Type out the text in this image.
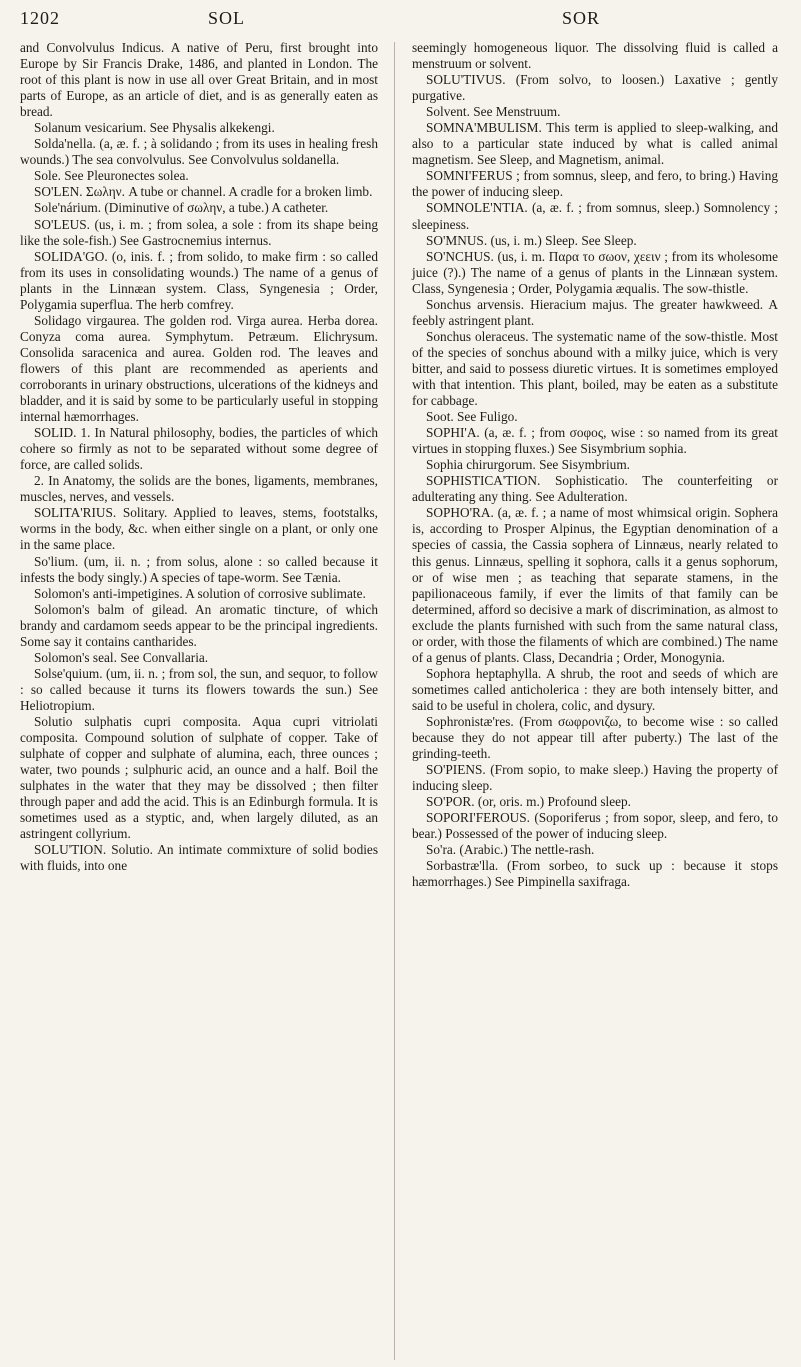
1202	SOL	SOR

and Convolvulus Indicus. A native of Peru, first brought into Europe by Sir Francis Drake, 1486, and planted in London. The root of this plant is now in use all over Great Britain, and in most parts of Europe, as an article of diet, and is as generally eaten as bread.

Solanum vesicarium. See Physalis alkekengi.

Solda'nella. (a, æ. f. ; à solidando ; from its uses in healing fresh wounds.) The sea convolvulus. See Convolvulus soldanella.

Sole. See Pleuronectes solea.

SO'LEN. Σωλην. A tube or channel. A cradle for a broken limb.

Sole'nárium. (Diminutive of σωλην, a tube.) A catheter.

SO'LEUS. (us, i. m. ; from solea, a sole : from its shape being like the sole-fish.) See Gastrocnemius internus.

SOLIDA'GO. (o, inis. f. ; from solido, to make firm : so called from its uses in consolidating wounds.) The name of a genus of plants in the Linnæan system. Class, Syngenesia ; Order, Polygamia superflua. The herb comfrey.

Solidago virgaurea. The golden rod. Virga aurea. Herba dorea. Conyza coma aurea. Symphytum. Petræum. Elichrysum. Consolida saracenica and aurea. Golden rod. The leaves and flowers of this plant are recommended as aperients and corroborants in urinary obstructions, ulcerations of the kidneys and bladder, and it is said by some to be particularly useful in stopping internal hæmorrhages.

SOLID. 1. In Natural philosophy, bodies, the particles of which cohere so firmly as not to be separated without some degree of force, are called solids.

2. In Anatomy, the solids are the bones, ligaments, membranes, muscles, nerves, and vessels.

SOLITA'RIUS. Solitary. Applied to leaves, stems, footstalks, worms in the body, &c. when either single on a plant, or only one in the same place.

So'lium. (um, ii. n. ; from solus, alone : so called because it infests the body singly.) A species of tape-worm. See Tænia.

Solomon's anti-impetigines. A solution of corrosive sublimate.

Solomon's balm of gilead. An aromatic tincture, of which brandy and cardamom seeds appear to be the principal ingredients. Some say it contains cantharides.

Solomon's seal. See Convallaria.

Solse'quium. (um, ii. n. ; from sol, the sun, and sequor, to follow : so called because it turns its flowers towards the sun.) See Heliotropium.

Solutio sulphatis cupri composita. Aqua cupri vitriolati composita. Compound solution of sulphate of copper. Take of sulphate of copper and sulphate of alumina, each, three ounces ; water, two pounds ; sulphuric acid, an ounce and a half. Boil the sulphates in the water that they may be dissolved ; then filter through paper and add the acid. This is an Edinburgh formula. It is sometimes used as a styptic, and, when largely diluted, as an astringent collyrium.

SOLU'TION. Solutio. An intimate commixture of solid bodies with fluids, into one

seemingly homogeneous liquor. The dissolving fluid is called a menstruum or solvent.

SOLU'TIVUS. (From solvo, to loosen.) Laxative ; gently purgative.

Solvent. See Menstruum.

SOMNA'MBULISM. This term is applied to sleep-walking, and also to a particular state induced by what is called animal magnetism. See Sleep, and Magnetism, animal.

SOMNI'FERUS ; from somnus, sleep, and fero, to bring.) Having the power of inducing sleep.

SOMNOLE'NTIA. (a, æ. f. ; from somnus, sleep.) Somnolency ; sleepiness.

SO'MNUS. (us, i. m.) Sleep. See Sleep.

SO'NCHUS. (us, i. m. Παρα το σωον, χεειν ; from its wholesome juice (?).) The name of a genus of plants in the Linnæan system. Class, Syngenesia ; Order, Polygamia æqualis. The sow-thistle.

Sonchus arvensis. Hieracium majus. The greater hawkweed. A feebly astringent plant.

Sonchus oleraceus. The systematic name of the sow-thistle. Most of the species of sonchus abound with a milky juice, which is very bitter, and said to possess diuretic virtues. It is sometimes employed with that intention. This plant, boiled, may be eaten as a substitute for cabbage.

Soot. See Fuligo.

SOPHI'A. (a, æ. f. ; from σοφος, wise : so named from its great virtues in stopping fluxes.) See Sisymbrium sophia.

Sophia chirurgorum. See Sisymbrium.

SOPHISTICA'TION. Sophisticatio. The counterfeiting or adulterating any thing. See Adulteration.

SOPHO'RA. (a, æ. f. ; a name of most whimsical origin. Sophera is, according to Prosper Alpinus, the Egyptian denomination of a species of cassia, the Cassia sophera of Linnæus, nearly related to this genus. Linnæus, spelling it sophora, calls it a genus sophorum, or of wise men ; as teaching that separate stamens, in the papilionaceous family, if ever the limits of that family can be determined, afford so decisive a mark of discrimination, as almost to exclude the plants furnished with such from the same natural class, or order, with those the filaments of which are combined.) The name of a genus of plants. Class, Decandria ; Order, Monogynia.

Sophora heptaphylla. A shrub, the root and seeds of which are sometimes called anticholerica : they are both intensely bitter, and said to be useful in cholera, colic, and dysury.

Sophronistæ'res. (From σωφρονιζω, to become wise : so called because they do not appear till after puberty.) The last of the grinding-teeth.

SO'PIENS. (From sopio, to make sleep.) Having the property of inducing sleep.

SO'POR. (or, oris. m.) Profound sleep.

SOPORI'FEROUS. (Soporiferus ; from sopor, sleep, and fero, to bear.) Possessed of the power of inducing sleep.

So'ra. (Arabic.) The nettle-rash.

Sorbastræ'lla. (From sorbeo, to suck up : because it stops hæmorrhages.) See Pimpinella saxifraga.
